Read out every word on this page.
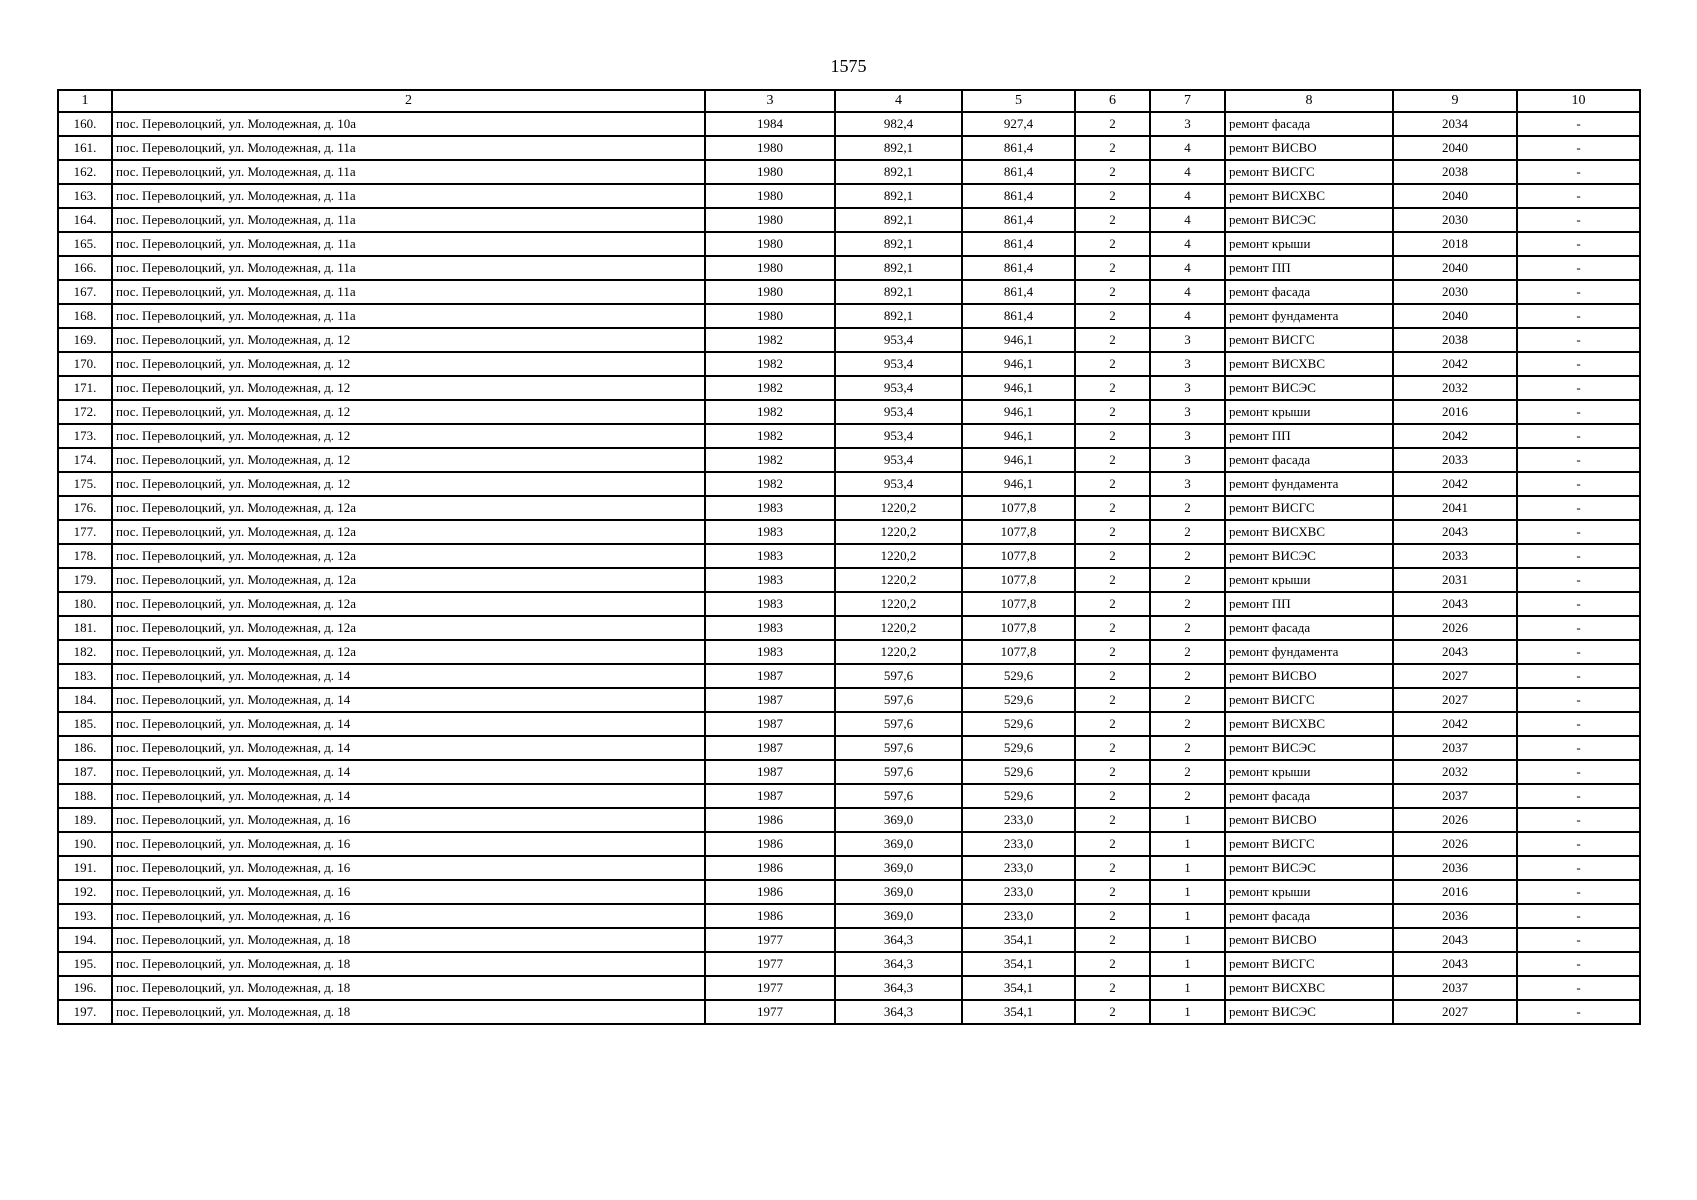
1575
1	2	3	4	5	6	7	8	9	10
160.	пос. Переволоцкий, ул. Молодежная, д. 10а	1984	982,4	927,4	2	3	ремонт фасада	2034	-
161.	пос. Переволоцкий, ул. Молодежная, д. 11а	1980	892,1	861,4	2	4	ремонт ВИСВО	2040	-
162.	пос. Переволоцкий, ул. Молодежная, д. 11а	1980	892,1	861,4	2	4	ремонт ВИСГС	2038	-
163.	пос. Переволоцкий, ул. Молодежная, д. 11а	1980	892,1	861,4	2	4	ремонт ВИСХВС	2040	-
164.	пос. Переволоцкий, ул. Молодежная, д. 11а	1980	892,1	861,4	2	4	ремонт ВИСЭС	2030	-
165.	пос. Переволоцкий, ул. Молодежная, д. 11а	1980	892,1	861,4	2	4	ремонт крыши	2018	-
166.	пос. Переволоцкий, ул. Молодежная, д. 11а	1980	892,1	861,4	2	4	ремонт ПП	2040	-
167.	пос. Переволоцкий, ул. Молодежная, д. 11а	1980	892,1	861,4	2	4	ремонт фасада	2030	-
168.	пос. Переволоцкий, ул. Молодежная, д. 11а	1980	892,1	861,4	2	4	ремонт фундамента	2040	-
169.	пос. Переволоцкий, ул. Молодежная, д. 12	1982	953,4	946,1	2	3	ремонт ВИСГС	2038	-
170.	пос. Переволоцкий, ул. Молодежная, д. 12	1982	953,4	946,1	2	3	ремонт ВИСХВС	2042	-
171.	пос. Переволоцкий, ул. Молодежная, д. 12	1982	953,4	946,1	2	3	ремонт ВИСЭС	2032	-
172.	пос. Переволоцкий, ул. Молодежная, д. 12	1982	953,4	946,1	2	3	ремонт крыши	2016	-
173.	пос. Переволоцкий, ул. Молодежная, д. 12	1982	953,4	946,1	2	3	ремонт ПП	2042	-
174.	пос. Переволоцкий, ул. Молодежная, д. 12	1982	953,4	946,1	2	3	ремонт фасада	2033	-
175.	пос. Переволоцкий, ул. Молодежная, д. 12	1982	953,4	946,1	2	3	ремонт фундамента	2042	-
176.	пос. Переволоцкий, ул. Молодежная, д. 12а	1983	1220,2	1077,8	2	2	ремонт ВИСГС	2041	-
177.	пос. Переволоцкий, ул. Молодежная, д. 12а	1983	1220,2	1077,8	2	2	ремонт ВИСХВС	2043	-
178.	пос. Переволоцкий, ул. Молодежная, д. 12а	1983	1220,2	1077,8	2	2	ремонт ВИСЭС	2033	-
179.	пос. Переволоцкий, ул. Молодежная, д. 12а	1983	1220,2	1077,8	2	2	ремонт крыши	2031	-
180.	пос. Переволоцкий, ул. Молодежная, д. 12а	1983	1220,2	1077,8	2	2	ремонт ПП	2043	-
181.	пос. Переволоцкий, ул. Молодежная, д. 12а	1983	1220,2	1077,8	2	2	ремонт фасада	2026	-
182.	пос. Переволоцкий, ул. Молодежная, д. 12а	1983	1220,2	1077,8	2	2	ремонт фундамента	2043	-
183.	пос. Переволоцкий, ул. Молодежная, д. 14	1987	597,6	529,6	2	2	ремонт ВИСВО	2027	-
184.	пос. Переволоцкий, ул. Молодежная, д. 14	1987	597,6	529,6	2	2	ремонт ВИСГС	2027	-
185.	пос. Переволоцкий, ул. Молодежная, д. 14	1987	597,6	529,6	2	2	ремонт ВИСХВС	2042	-
186.	пос. Переволоцкий, ул. Молодежная, д. 14	1987	597,6	529,6	2	2	ремонт ВИСЭС	2037	-
187.	пос. Переволоцкий, ул. Молодежная, д. 14	1987	597,6	529,6	2	2	ремонт крыши	2032	-
188.	пос. Переволоцкий, ул. Молодежная, д. 14	1987	597,6	529,6	2	2	ремонт фасада	2037	-
189.	пос. Переволоцкий, ул. Молодежная, д. 16	1986	369,0	233,0	2	1	ремонт ВИСВО	2026	-
190.	пос. Переволоцкий, ул. Молодежная, д. 16	1986	369,0	233,0	2	1	ремонт ВИСГС	2026	-
191.	пос. Переволоцкий, ул. Молодежная, д. 16	1986	369,0	233,0	2	1	ремонт ВИСЭС	2036	-
192.	пос. Переволоцкий, ул. Молодежная, д. 16	1986	369,0	233,0	2	1	ремонт крыши	2016	-
193.	пос. Переволоцкий, ул. Молодежная, д. 16	1986	369,0	233,0	2	1	ремонт фасада	2036	-
194.	пос. Переволоцкий, ул. Молодежная, д. 18	1977	364,3	354,1	2	1	ремонт ВИСВО	2043	-
195.	пос. Переволоцкий, ул. Молодежная, д. 18	1977	364,3	354,1	2	1	ремонт ВИСГС	2043	-
196.	пос. Переволоцкий, ул. Молодежная, д. 18	1977	364,3	354,1	2	1	ремонт ВИСХВС	2037	-
197.	пос. Переволоцкий, ул. Молодежная, д. 18	1977	364,3	354,1	2	1	ремонт ВИСЭС	2027	-
